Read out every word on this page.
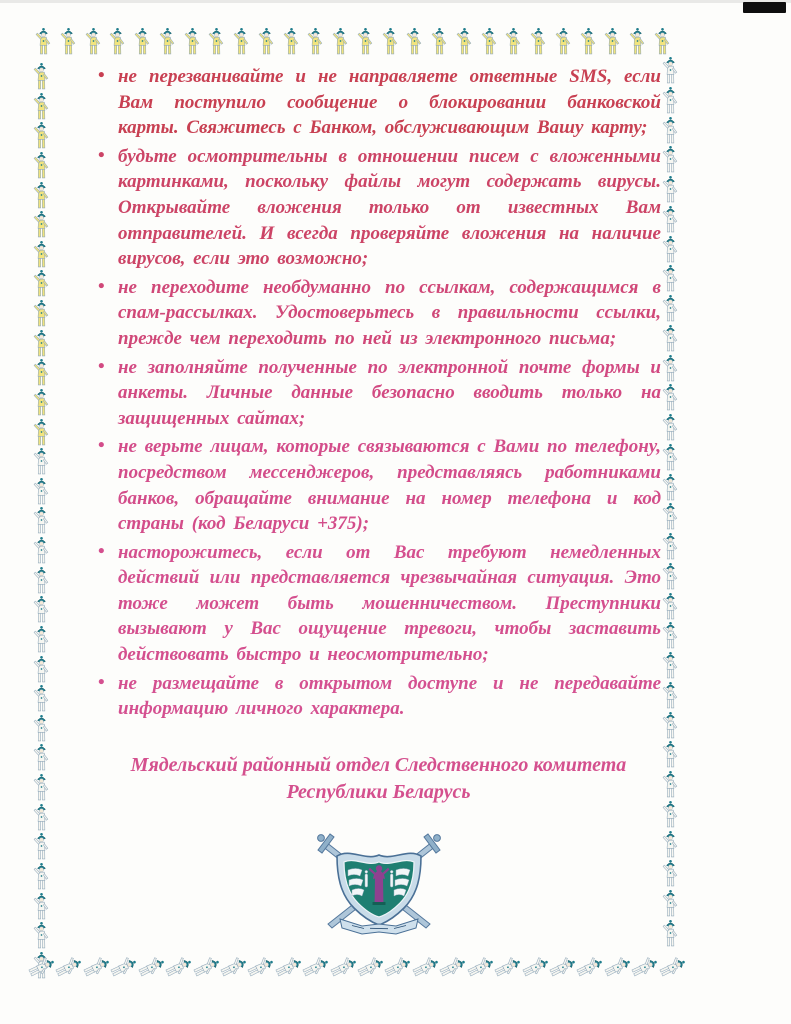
• не перезванивайте и не направляете ответные SMS, если Вам поступило сообщение о блокировании банковской карты. Свяжитесь с Банком, обслуживающим Вашу карту;
• будьте осмотрительны в отношении писем с вложенными картинками, поскольку файлы могут содержать вирусы. Открывайте вложения только от известных Вам отправителей. И всегда проверяйте вложения на наличие вирусов, если это возможно;
• не переходите необдуманно по ссылкам, содержащимся в спам-рассылках. Удостоверьтесь в правильности ссылки, прежде чем переходить по ней из электронного письма;
• не заполняйте полученные по электронной почте формы и анкеты. Личные данные безопасно вводить только на защищенных сайтах;
• не верьте лицам, которые связываются с Вами по телефону, посредством мессенджеров, представляясь работниками банков, обращайте внимание на номер телефона и код страны (код Беларуси +375);
• насторожитесь, если от Вас требуют немедленных действий или представляется чрезвычайная ситуация. Это тоже может быть мошенничеством. Преступники вызывают у Вас ощущение тревоги, чтобы заставить действовать быстро и неосмотрительно;
• не размещайте в открытом доступе и не передавайте информацию личного характера.
Мядельский районный отдел Следственного комитета
Республики Беларусь
